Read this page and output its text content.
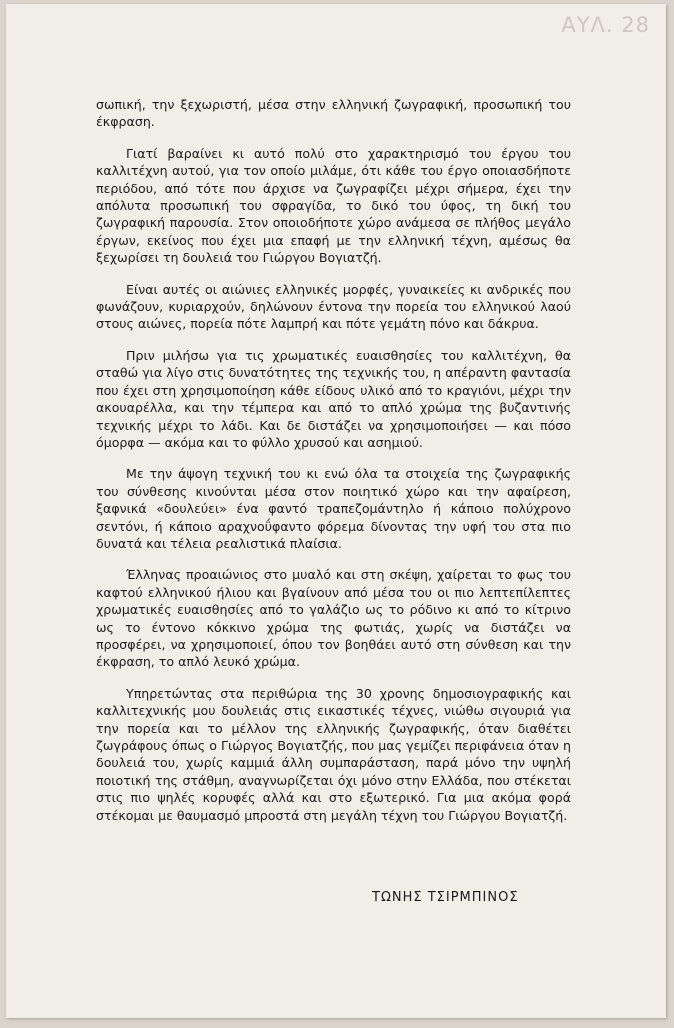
ΑΥΛ. 28

σωπική, την ξεχωριστή, μέσα στην ελληνική ζωγραφική, προσωπική του έκφραση.

Γιατί βαραίνει κι αυτό πολύ στο χαρακτηρισμό του έργου του καλλιτέχνη αυτού, για τον οποίο μιλάμε, ότι κάθε του έργο οποιασδήποτε περιόδου, από τότε που άρχισε να ζωγραφίζει μέχρι σήμερα, έχει την απόλυτα προσωπική του σφραγίδα, το δικό του ύφος, τη δική του ζωγραφική παρουσία. Στον οποιοδήποτε χώρο ανάμεσα σε πλήθος μεγάλο έργων, εκείνος που έχει μια επαφή με την ελληνική τέχνη, αμέσως θα ξεχωρίσει τη δουλειά του Γιώργου Βογιατζή.

Είναι αυτές οι αιώνιες ελληνικές μορφές, γυναικείες κι ανδρικές που φωνάζουν, κυριαρχούν, δηλώνουν έντονα την πορεία του ελληνικού λαού στους αιώνες, πορεία πότε λαμπρή και πότε γεμάτη πόνο και δάκρυα.

Πριν μιλήσω για τις χρωματικές ευαισθησίες του καλλιτέχνη, θα σταθώ για λίγο στις δυνατότητες της τεχνικής του, η απέραντη φαντασία που έχει στη χρησιμοποίηση κάθε είδους υλικό από το κραγιόνι, μέχρι την ακουαρέλλα, και την τέμπερα και από το απλό χρώμα της βυζαντινής τεχνικής μέχρι το λάδι. Και δε διστάζει να χρησιμοποιήσει — και πόσο όμορφα — ακόμα και το φύλλο χρυσού και ασημιού.

Με την άψογη τεχνική του κι ενώ όλα τα στοιχεία της ζωγραφικής του σύνθεσης κινούνται μέσα στον ποιητικό χώρο και την αφαίρεση, ξαφνικά «δουλεύει» ένα φαντό τραπεζομάντηλο ή κάποιο πολύχρονο σεντόνι, ή κάποιο αραχνοΰφαντο φόρεμα δίνοντας την υφή του στα πιο δυνατά και τέλεια ρεαλιστικά πλαίσια.

Έλληνας προαιώνιος στο μυαλό και στη σκέψη, χαίρεται το φως του καφτού ελληνικού ήλιου και βγαίνουν από μέσα του οι πιο λεπτεπίλεπτες χρωματικές ευαισθησίες από το γαλάζιο ως το ρόδινο κι από το κίτρινο ως το έντονο κόκκινο χρώμα της φωτιάς, χωρίς να διστάζει να προσφέρει, να χρησιμοποιεί, όπου τον βοηθάει αυτό στη σύνθεση και την έκφραση, το απλό λευκό χρώμα.

Υπηρετώντας στα περιθώρια της 30 χρονης δημοσιογραφικής και καλλιτεχνικής μου δουλειάς στις εικαστικές τέχνες, νιώθω σιγουριά για την πορεία και το μέλλον της ελληνικής ζωγραφικής, όταν διαθέτει ζωγράφους όπως ο Γιώργος Βογιατζής, που μας γεμίζει περιφάνεια όταν η δουλειά του, χωρίς καμμιά άλλη συμπαράσταση, παρά μόνο την υψηλή ποιοτική της στάθμη, αναγνωρίζεται όχι μόνο στην Ελλάδα, που στέκεται στις πιο ψηλές κορυφές αλλά και στο εξωτερικό. Για μια ακόμα φορά στέκομαι με θαυμασμό μπροστά στη μεγάλη τέχνη του Γιώργου Βογιατζή.

ΤΩΝΗΣ ΤΣΙΡΜΠΙΝΟΣ
